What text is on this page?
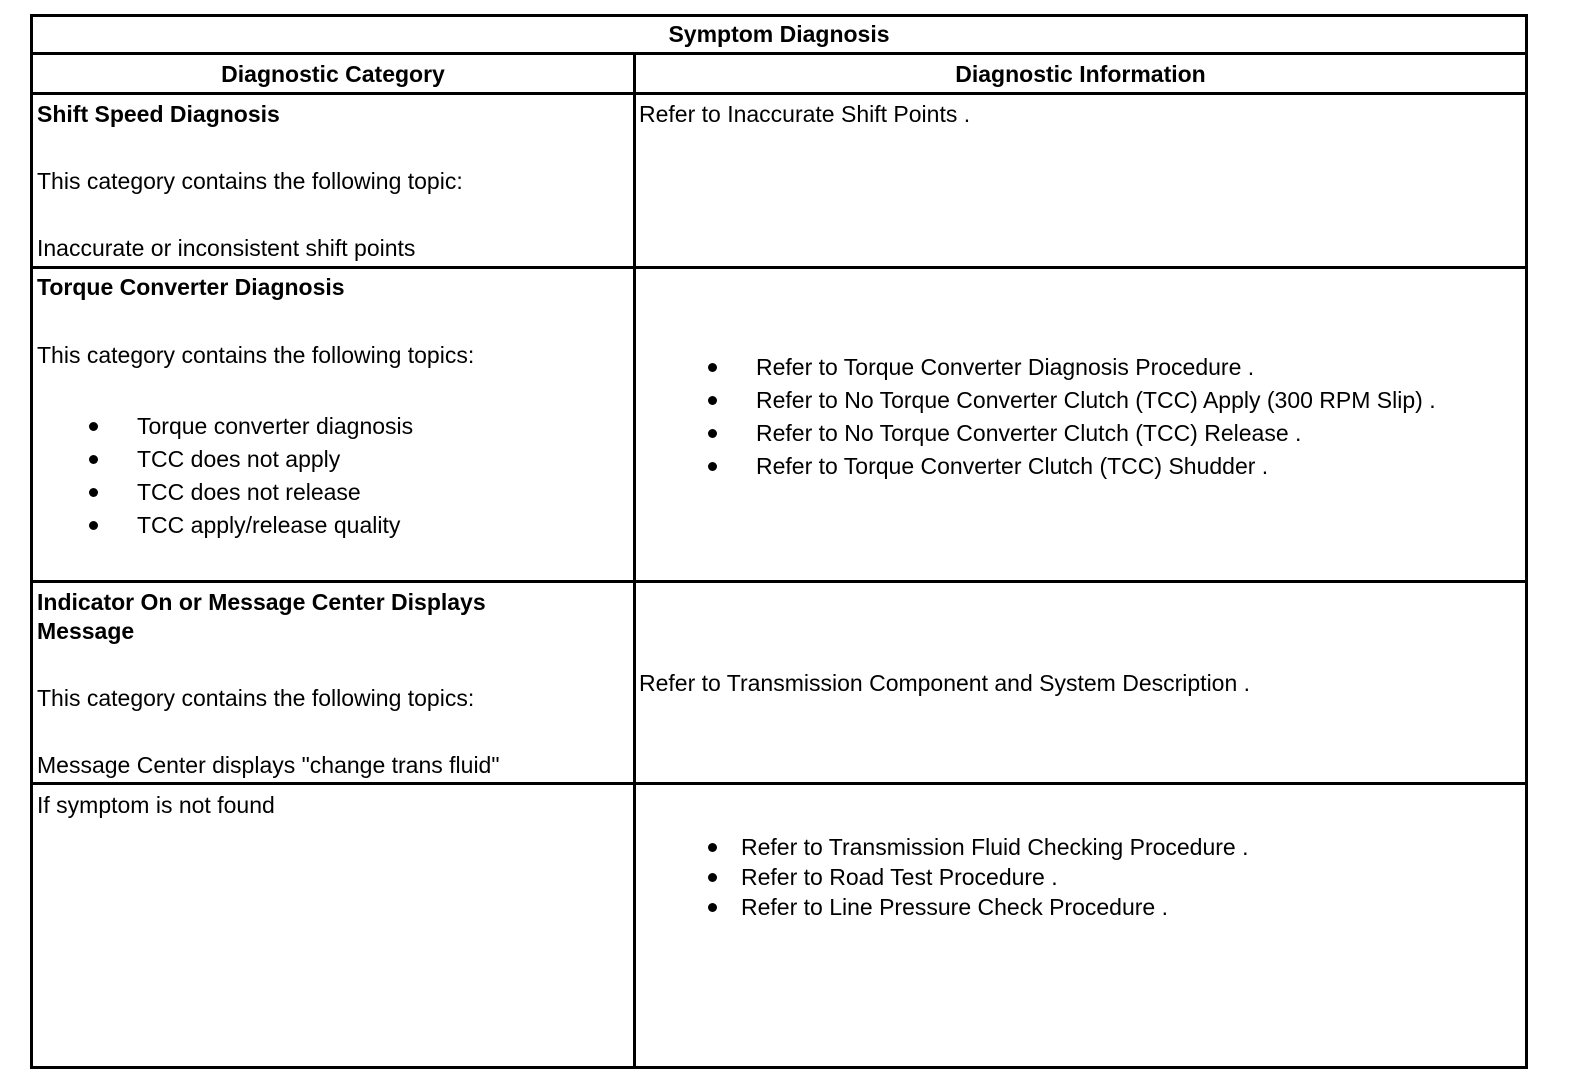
Symptom Diagnosis
Diagnostic Category	Diagnostic Information
Shift Speed Diagnosis
This category contains the following topic:
Inaccurate or inconsistent shift points
Refer to Inaccurate Shift Points .
Torque Converter Diagnosis
This category contains the following topics:
Torque converter diagnosis
TCC does not apply
TCC does not release
TCC apply/release quality
Refer to Torque Converter Diagnosis Procedure .
Refer to No Torque Converter Clutch (TCC) Apply (300 RPM Slip) .
Refer to No Torque Converter Clutch (TCC) Release .
Refer to Torque Converter Clutch (TCC) Shudder .
Indicator On or Message Center Displays
Message
This category contains the following topics:
Message Center displays "change trans fluid"
Refer to Transmission Component and System Description .
If symptom is not found
Refer to Transmission Fluid Checking Procedure .
Refer to Road Test Procedure .
Refer to Line Pressure Check Procedure .
